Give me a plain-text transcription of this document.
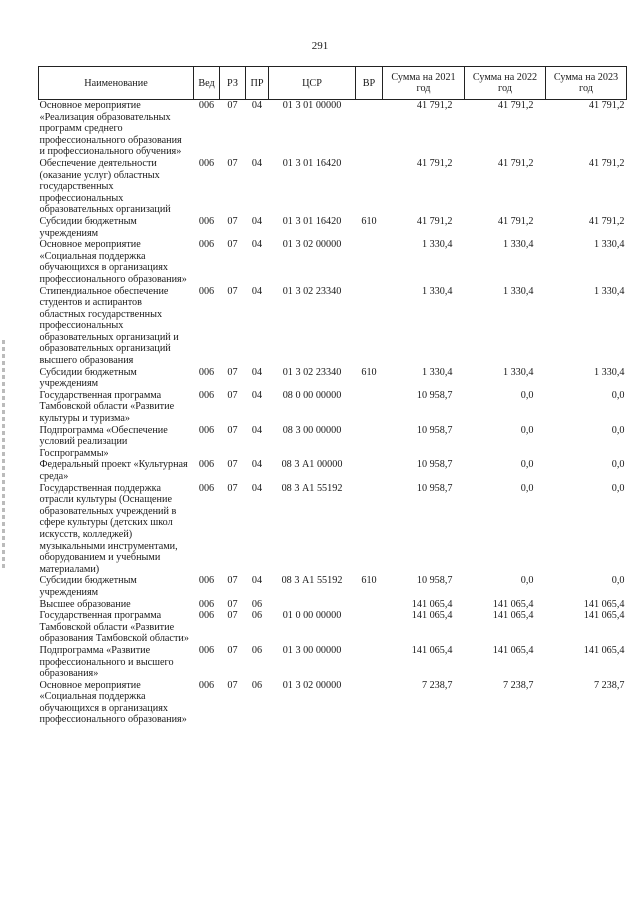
291
Наименование	Вед	РЗ	ПР	ЦСР	ВР	Сумма на 2021 год	Сумма на 2022 год	Сумма на 2023 год
Основное мероприятие «Реализация образовательных программ среднего профессионального образования и профессионального обучения»	006	07	04	01 3 01 00000		41 791,2	41 791,2	41 791,2
Обеспечение деятельности (оказание услуг) областных государственных профессиональных образовательных организаций	006	07	04	01 3 01 16420		41 791,2	41 791,2	41 791,2
Субсидии бюджетным учреждениям	006	07	04	01 3 01 16420	610	41 791,2	41 791,2	41 791,2
Основное мероприятие «Социальная поддержка обучающихся в организациях профессионального образования»	006	07	04	01 3 02 00000		1 330,4	1 330,4	1 330,4
Стипендиальное обеспечение студентов и аспирантов областных государственных профессиональных образовательных организаций и образовательных организаций высшего образования	006	07	04	01 3 02 23340		1 330,4	1 330,4	1 330,4
Субсидии бюджетным учреждениям	006	07	04	01 3 02 23340	610	1 330,4	1 330,4	1 330,4
Государственная программа Тамбовской области «Развитие культуры и туризма»	006	07	04	08 0 00 00000		10 958,7	0,0	0,0
Подпрограмма «Обеспечение условий реализации Госпрограммы»	006	07	04	08 3 00 00000		10 958,7	0,0	0,0
Федеральный проект «Культурная среда»	006	07	04	08 3 А1 00000		10 958,7	0,0	0,0
Государственная поддержка отрасли культуры (Оснащение образовательных учреждений в сфере культуры (детских школ искусств, колледжей) музыкальными инструментами, оборудованием и учебными материалами)	006	07	04	08 3 А1 55192		10 958,7	0,0	0,0
Субсидии бюджетным учреждениям	006	07	04	08 3 А1 55192	610	10 958,7	0,0	0,0
Высшее образование	006	07	06			141 065,4	141 065,4	141 065,4
Государственная программа Тамбовской области «Развитие образования Тамбовской области»	006	07	06	01 0 00 00000		141 065,4	141 065,4	141 065,4
Подпрограмма «Развитие профессионального и высшего образования»	006	07	06	01 3 00 00000		141 065,4	141 065,4	141 065,4
Основное мероприятие «Социальная поддержка обучающихся в организациях профессионального образования»	006	07	06	01 3 02 00000		7 238,7	7 238,7	7 238,7
